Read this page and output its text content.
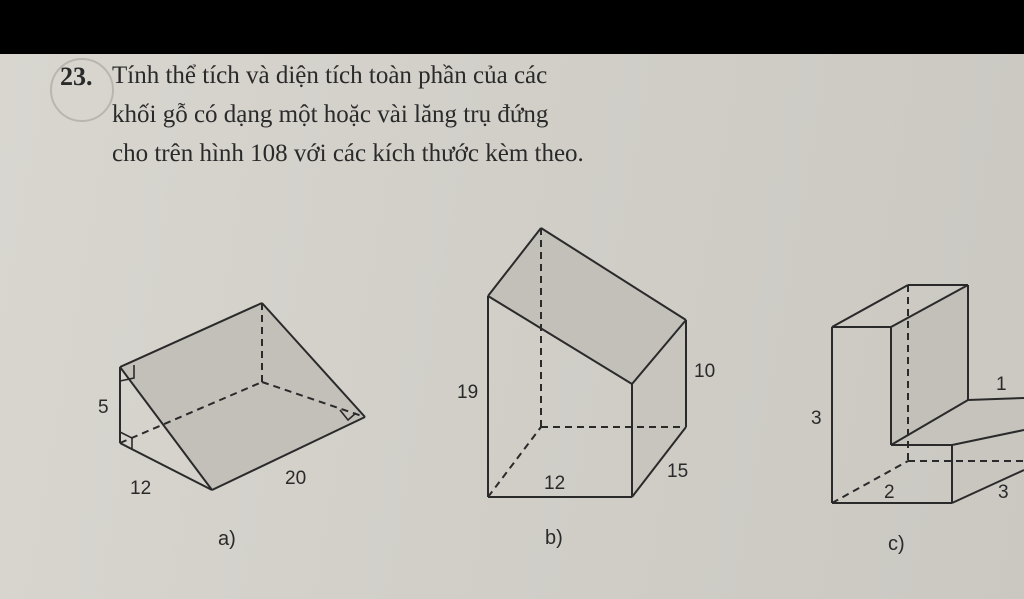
23. Tính thể tích và diện tích toàn phần của các
khối gỗ có dạng một hoặc vài lăng trụ đứng
cho trên hình 108 với các kích thước kèm theo.
5
12	20
a)
19
10
12
15
b)
3
1
2	3
c)
